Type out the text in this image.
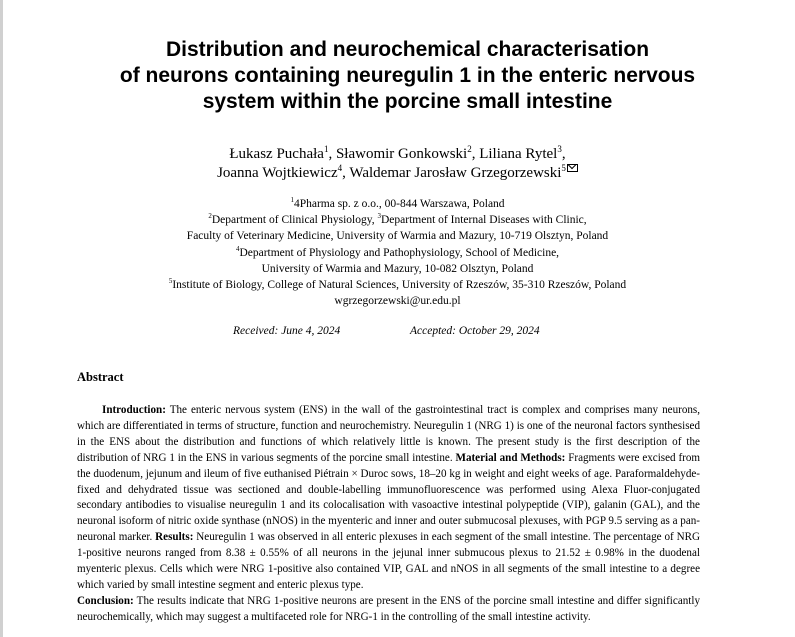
Distribution and neurochemical characterisation
of neurons containing neuregulin 1 in the enteric nervous
system within the porcine small intestine
Łukasz Puchała$^1$, Sławomir Gonkowski$^2$, Liliana Rytel$^3$,
Joanna Wojtkiewicz$^4$, Waldemar Jarosław Grzegorzewski$^5$
$^1$4Pharma sp. z o.o., 00-844 Warszawa, Poland
$^2$Department of Clinical Physiology, $^3$Department of Internal Diseases with Clinic,
Faculty of Veterinary Medicine, University of Warmia and Mazury, 10-719 Olsztyn, Poland
$^4$Department of Physiology and Pathophysiology, School of Medicine,
University of Warmia and Mazury, 10-082 Olsztyn, Poland
$^5$Institute of Biology, College of Natural Sciences, University of Rzeszów, 35-310 Rzeszów, Poland
wgrzegorzewski@ur.edu.pl
Received: June 4, 2024	Accepted: October 29, 2024
Abstract

Introduction: The enteric nervous system (ENS) in the wall of the gastrointestinal tract is complex and comprises many neurons, which are differentiated in terms of structure, function and neurochemistry. Neuregulin 1 (NRG 1) is one of the neuronal factors synthesised in the ENS about the distribution and functions of which relatively little is known. The present study is the first description of the distribution of NRG 1 in the ENS in various segments of the porcine small intestine. Material and Methods: Fragments were excised from the duodenum, jejunum and ileum of five euthanised Piétrain × Duroc sows, 18–20 kg in weight and eight weeks of age. Paraformaldehyde-fixed and dehydrated tissue was sectioned and double-labelling immunofluorescence was performed using Alexa Fluor-conjugated secondary antibodies to visualise neuregulin 1 and its colocalisation with vasoactive intestinal polypeptide (VIP), galanin (GAL), and the neuronal isoform of nitric oxide synthase (nNOS) in the myenteric and inner and outer submucosal plexuses, with PGP 9.5 serving as a pan-neuronal marker. Results: Neuregulin 1 was observed in all enteric plexuses in each segment of the small intestine. The percentage of NRG 1-positive neurons ranged from 8.38 ± 0.55% of all neurons in the jejunal inner submucous plexus to 21.52 ± 0.98% in the duodenal myenteric plexus. Cells which were NRG 1-positive also contained VIP, GAL and nNOS in all segments of the small intestine to a degree which varied by small intestine segment and enteric plexus type.

Conclusion: The results indicate that NRG 1-positive neurons are present in the ENS of the porcine small intestine and differ significantly neurochemically, which may suggest a multifaceted role for NRG-1 in the controlling of the small intestine activity.
